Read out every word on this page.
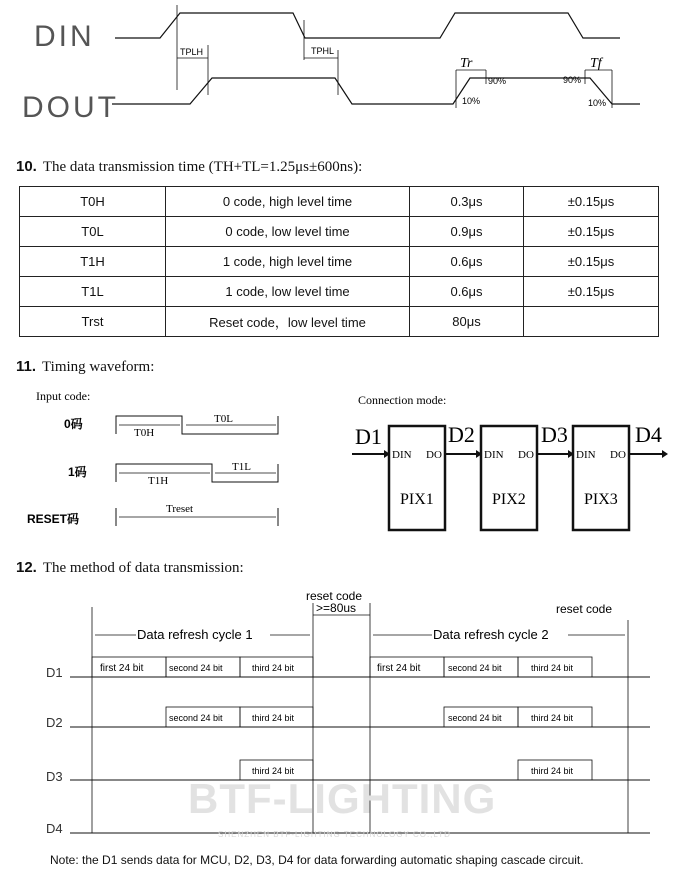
DIN
DOUT
TPLH	TPHL
Tr
90%
10%
Tf
90%
10%
10. The data transmission time (TH+TL=1.25μs±600ns):
T0H	0 code, high level time	0.3μs	±0.15μs
T0L	0 code, low level time	0.9μs	±0.15μs
T1H	1 code, high level time	0.6μs	±0.15μs
T1L	1 code, low level time	0.6μs	±0.15μs
Trst	Reset code，low level time	80μs	
11. Timing waveform:
Input code:
0码
T0H
T0L
1码
T1H
T1L
RESET码
Treset
Connection mode:
D1	D2	D3	D4
DIN DO
PIX1
DIN DO
PIX2
DIN DO
PIX3
12. The method of data transmission:
reset code
>=80us	reset code
Data refresh cycle 1	Data refresh cycle 2
D1
D2
D3
D4
first 24 bit	second 24 bit	third 24 bit	first 24 bit	second 24 bit	third 24 bit
second 24 bit	third 24 bit	second 24 bit	third 24 bit
third 24 bit	third 24 bit
BTF-LIGHTING
SHENZHEN BTF-LIGHTING TECHNOLOGY CO.,LTD
Note: the D1 sends data for MCU, D2, D3, D4 for data forwarding automatic shaping cascade circuit.
